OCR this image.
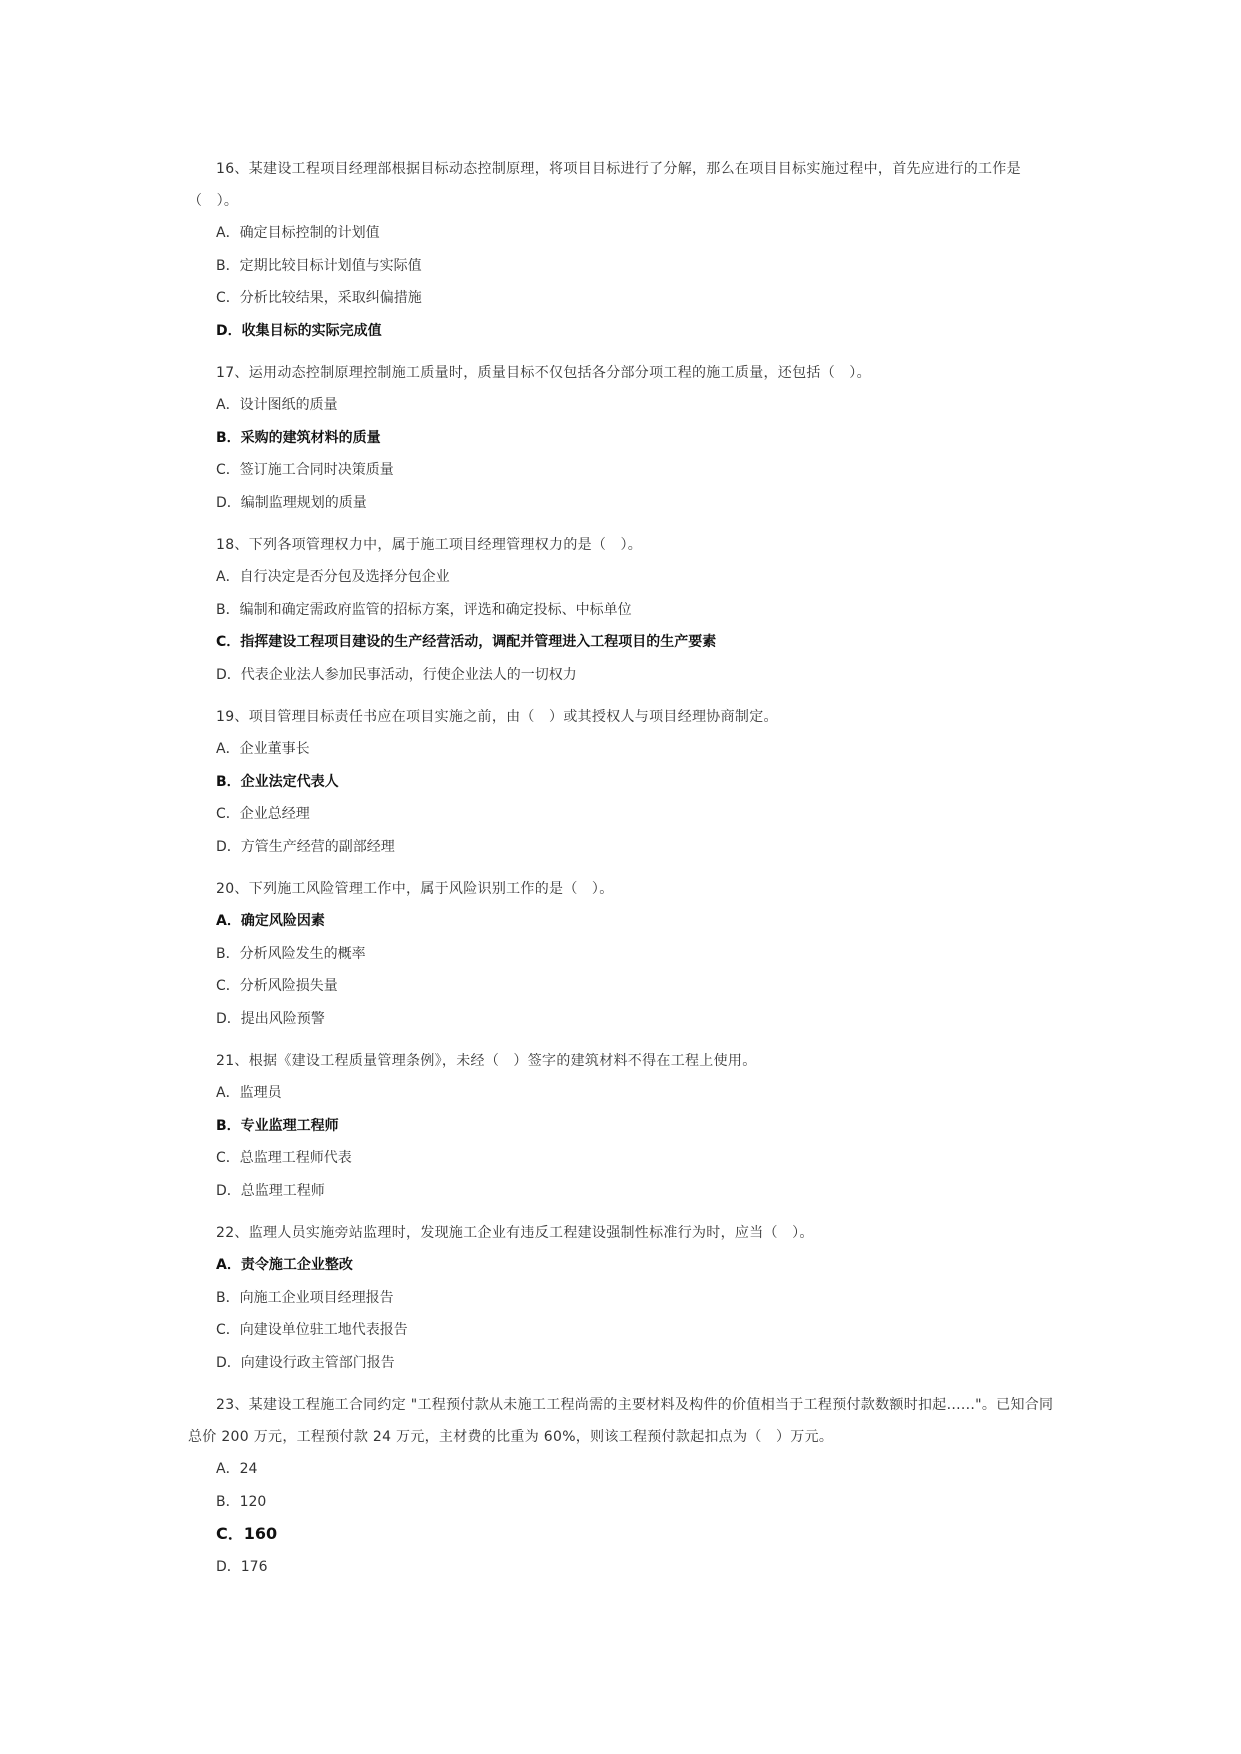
16、某建设工程项目经理部根据目标动态控制原理，将项目目标进行了分解，那么在项目目标实施过程中，首先应进行的工作是（　）。

A．确定目标控制的计划值

B．定期比较目标计划值与实际值

C．分析比较结果，采取纠偏措施

D．收集目标的实际完成值

17、运用动态控制原理控制施工质量时，质量目标不仅包括各分部分项工程的施工质量，还包括（　）。

A．设计图纸的质量

B．采购的建筑材料的质量

C．签订施工合同时决策质量

D．编制监理规划的质量

18、下列各项管理权力中，属于施工项目经理管理权力的是（　）。

A．自行决定是否分包及选择分包企业

B．编制和确定需政府监管的招标方案，评选和确定投标、中标单位

C．指挥建设工程项目建设的生产经营活动，调配并管理进入工程项目的生产要素

D．代表企业法人参加民事活动，行使企业法人的一切权力

19、项目管理目标责任书应在项目实施之前，由（　）或其授权人与项目经理协商制定。

A．企业董事长

B．企业法定代表人

C．企业总经理

D．方管生产经营的副部经理

20、下列施工风险管理工作中，属于风险识别工作的是（　）。

A．确定风险因素

B．分析风险发生的概率

C．分析风险损失量

D．提出风险预警

21、根据《建设工程质量管理条例》，未经（　）签字的建筑材料不得在工程上使用。

A．监理员

B．专业监理工程师

C．总监理工程师代表

D．总监理工程师

22、监理人员实施旁站监理时，发现施工企业有违反工程建设强制性标准行为时，应当（　）。

A．责令施工企业整改

B．向施工企业项目经理报告

C．向建设单位驻工地代表报告

D．向建设行政主管部门报告

23、某建设工程施工合同约定 "工程预付款从未施工工程尚需的主要材料及构件的价值相当于工程预付款数额时扣起......"。已知合同总价 200 万元，工程预付款 24 万元，主材费的比重为 60%，则该工程预付款起扣点为（　）万元。

A．24

B．120

C．160

D．176
